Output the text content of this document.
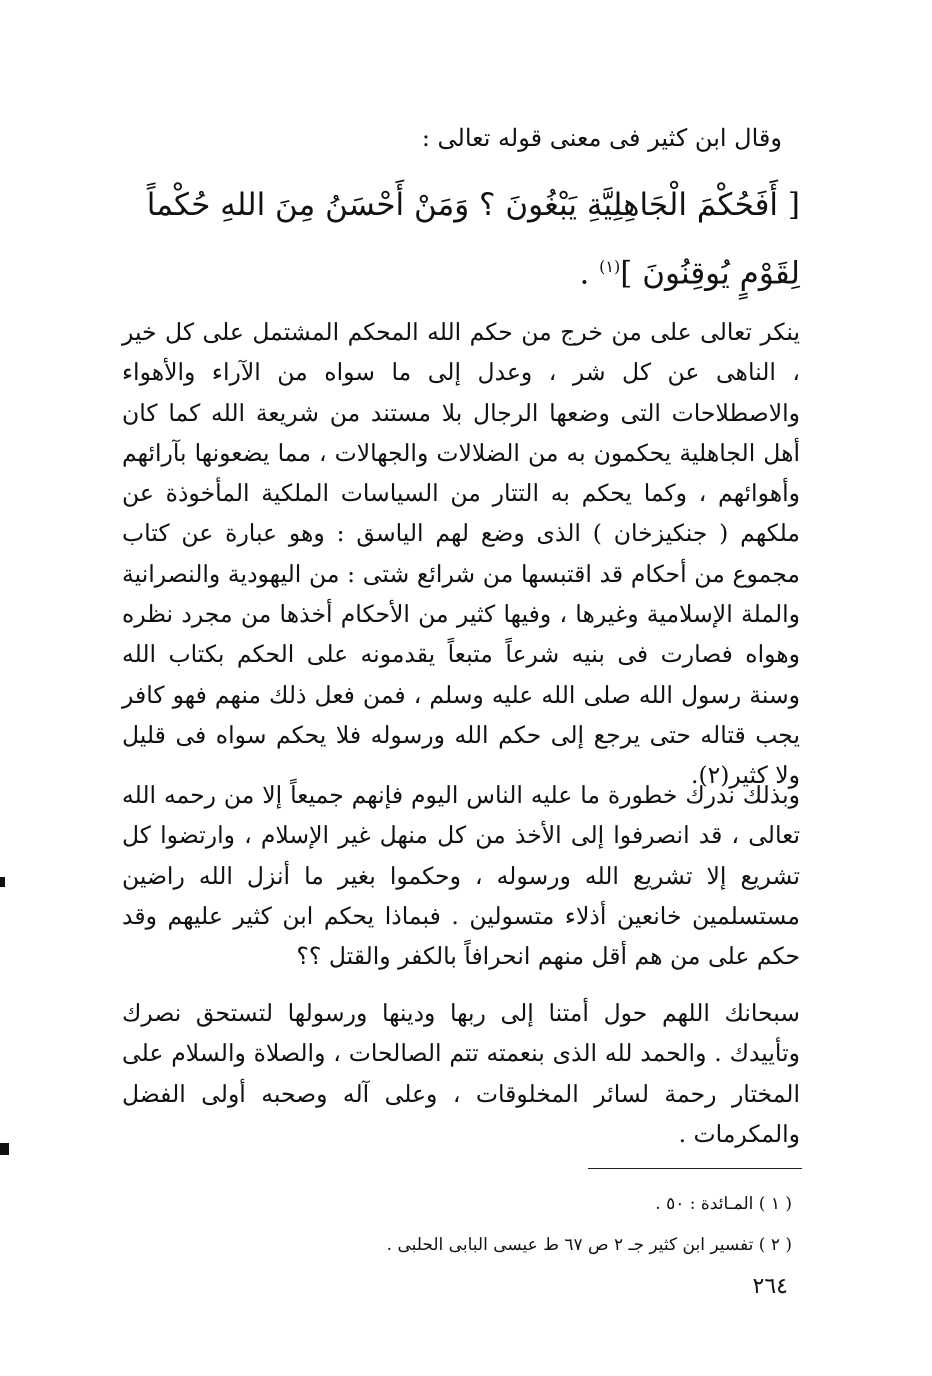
وقال ابن كثير فى معنى قوله تعالى :
[ أَفَحُكْمَ الْجَاهِلِيَّةِ يَبْغُونَ ؟ وَمَنْ أَحْسَنُ مِنَ اللهِ حُكْماً
لِقَوْمٍ يُوقِنُونَ ]$^{(١)}$ .

ينكر تعالى على من خرج من حكم الله المحكم المشتمل على كل خير ، الناهى عن كل شر ، وعدل إلى ما سواه من الآراء والأهواء والاصطلاحات التى وضعها الرجال بلا مستند من شريعة الله كما كان أهل الجاهلية يحكمون به من الضلالات والجهالات ، مما يضعونها بآرائهم وأهوائهم ، وكما يحكم به التتار من السياسات الملكية المأخوذة عن ملكهم ( جنكيزخان ) الذى وضع لهم الياسق : وهو عبارة عن كتاب مجموع من أحكام قد اقتبسها من شرائع شتى : من اليهودية والنصرانية والملة الإسلامية وغيرها ، وفيها كثير من الأحكام أخذها من مجرد نظره وهواه فصارت فى بنيه شرعاً متبعاً يقدمونه على الحكم بكتاب الله وسنة رسول الله صلى الله عليه وسلم ، فمن فعل ذلك منهم فهو كافر يجب قتاله حتى يرجع إلى حكم الله ورسوله فلا يحكم سواه فى قليل ولا كثير(٢).

وبذلك ندرك خطورة ما عليه الناس اليوم فإنهم جميعاً إلا من رحمه الله تعالى ، قد انصرفوا إلى الأخذ من كل منهل غير الإسلام ، وارتضوا كل تشريع إلا تشريع الله ورسوله ، وحكموا بغير ما أنزل الله راضين مستسلمين خانعين أذلاء متسولين . فبماذا يحكم ابن كثير عليهم وقد حكم على من هم أقل منهم انحرافاً بالكفر والقتل ؟؟

سبحانك اللهم حول أمتنا إلى ربها ودينها ورسولها لتستحق نصرك وتأييدك . والحمد لله الذى بنعمته تتم الصالحات ، والصلاة والسلام على المختار رحمة لسائر المخلوقات ، وعلى آله وصحبه أولى الفضل والمكرمات .

( ١ ) المـائدة : ٥٠ .
( ٢ ) تفسير ابن كثير جـ ٢ ص ٦٧ ط عيسى البابى الحلبى .
٢٦٤
